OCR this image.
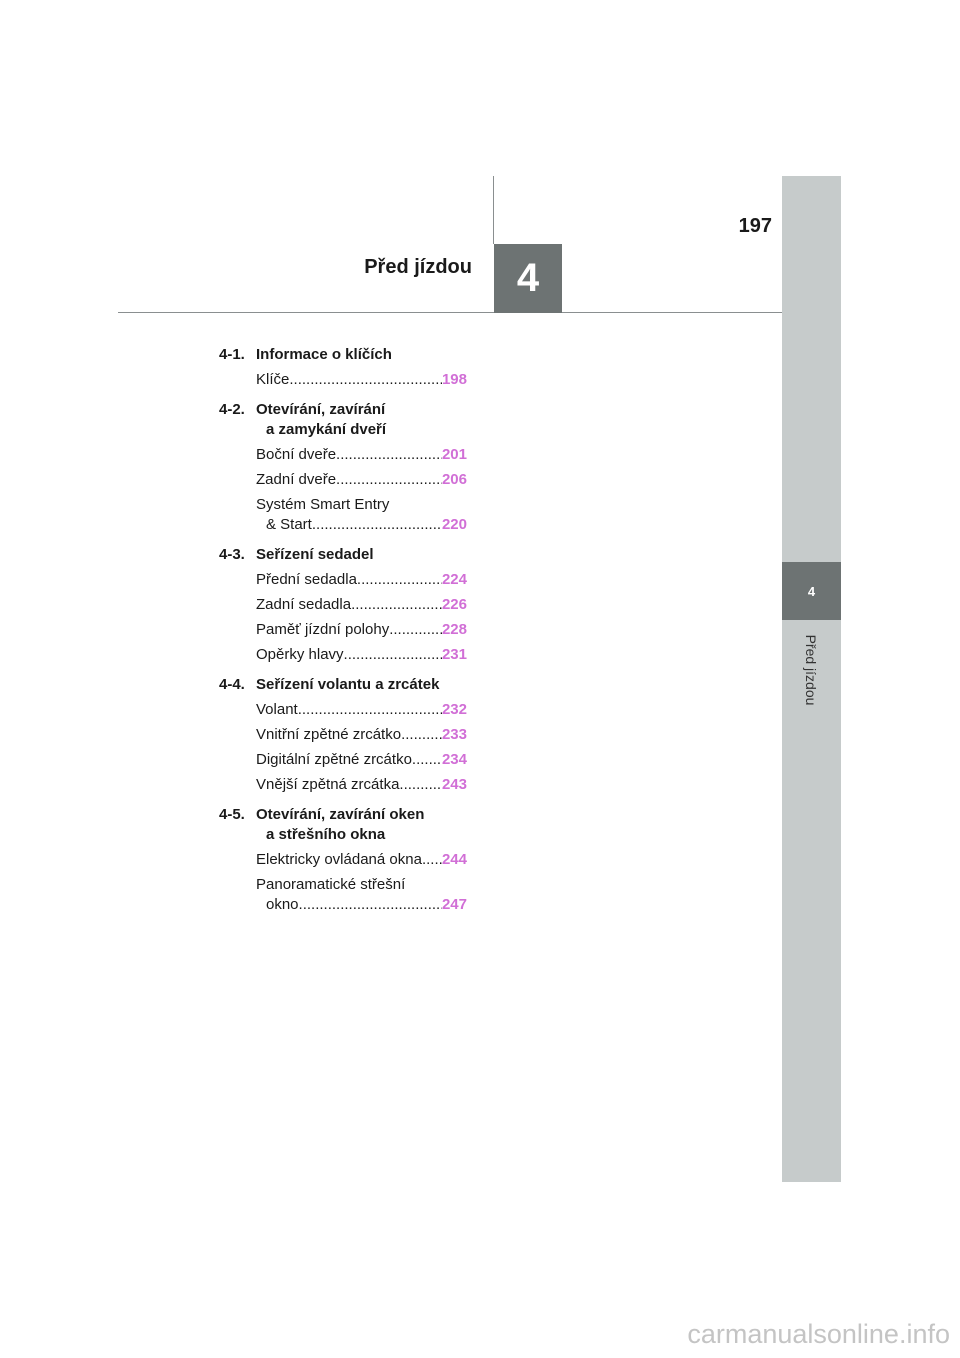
197
Před jízdou	4
4
Před jízdou
4-1. Informace o klíčích
Klíče .....	198
4-2. Otevírání, zavírání
a zamykání dveří
Boční dveře .....	201
Zadní dveře .....	206
Systém Smart Entry
& Start .....	220
4-3. Seřízení sedadel
Přední sedadla .....	224
Zadní sedadla .....	226
Paměť jízdní polohy .....	228
Opěrky hlavy .....	231
4-4. Seřízení volantu a zrcátek
Volant .....	232
Vnitřní zpětné zrcátko .....	233
Digitální zpětné zrcátko ..... 234
Vnější zpětná zrcátka .....	243
4-5. Otevírání, zavírání oken
a střešního okna
Elektricky ovládaná okna ..... 244
Panoramatické střešní
okno .....	247
carmanualsonline.info
